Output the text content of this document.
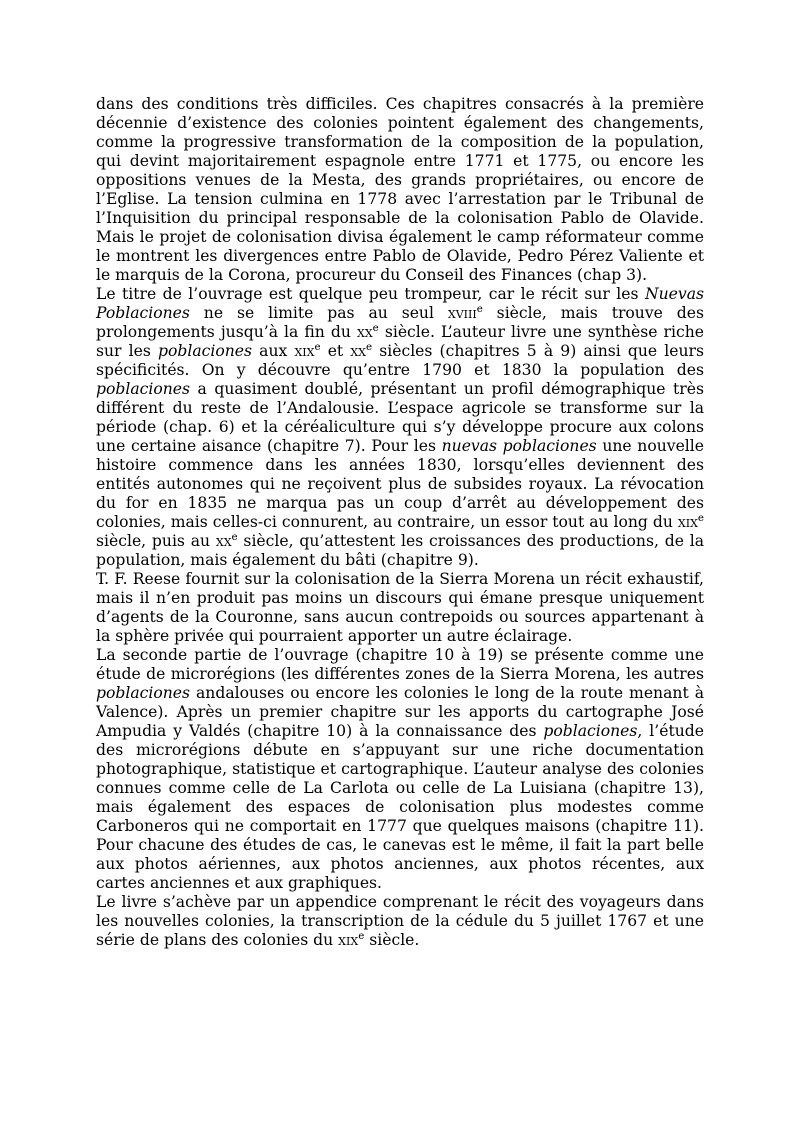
dans des conditions très difficiles. Ces chapitres consacrés à la première décennie d’existence des colonies pointent également des changements, comme la progressive transformation de la composition de la population, qui devint majoritairement espagnole entre 1771 et 1775, ou encore les oppositions venues de la Mesta, des grands propriétaires, ou encore de l’Eglise. La tension culmina en 1778 avec l’arrestation par le Tribunal de l’Inquisition du principal responsable de la colonisation Pablo de Olavide. Mais le projet de colonisation divisa également le camp réformateur comme le montrent les divergences entre Pablo de Olavide, Pedro Pérez Valiente et le marquis de la Corona, procureur du Conseil des Finances (chap 3).

Le titre de l’ouvrage est quelque peu trompeur, car le récit sur les Nuevas Poblaciones ne se limite pas au seul xviii$^e$ siècle, mais trouve des prolongements jusqu’à la fin du $xx^e$ siècle. L’auteur livre une synthèse riche sur les poblaciones aux xix$^e$ et $xx^e$ siècles (chapitres 5 à 9) ainsi que leurs spécificités. On y découvre qu’entre 1790 et 1830 la population des poblaciones a quasiment doublé, présentant un profil démographique très différent du reste de l’Andalousie. L’espace agricole se transforme sur la période (chap. 6) et la céréaliculture qui s’y développe procure aux colons une certaine aisance (chapitre 7). Pour les nuevas poblaciones une nouvelle histoire commence dans les années 1830, lorsqu’elles deviennent des entités autonomes qui ne reçoivent plus de subsides royaux. La révocation du for en 1835 ne marqua pas un coup d’arrêt au développement des colonies, mais celles-ci connurent, au contraire, un essor tout au long du xix$^e$ siècle, puis au $xx^e$ siècle, qu’attestent les croissances des productions, de la population, mais également du bâti (chapitre 9).

T. F. Reese fournit sur la colonisation de la Sierra Morena un récit exhaustif, mais il n’en produit pas moins un discours qui émane presque uniquement d’agents de la Couronne, sans aucun contrepoids ou sources appartenant à la sphère privée qui pourraient apporter un autre éclairage.

La seconde partie de l’ouvrage (chapitre 10 à 19) se présente comme une étude de microrégions (les différentes zones de la Sierra Morena, les autres poblaciones andalouses ou encore les colonies le long de la route menant à Valence). Après un premier chapitre sur les apports du cartographe José Ampudia y Valdés (chapitre 10) à la connaissance des poblaciones, l’étude des microrégions débute en s’appuyant sur une riche documentation photographique, statistique et cartographique. L’auteur analyse des colonies connues comme celle de La Carlota ou celle de La Luisiana (chapitre 13), mais également des espaces de colonisation plus modestes comme Carboneros qui ne comportait en 1777 que quelques maisons (chapitre 11). Pour chacune des études de cas, le canevas est le même, il fait la part belle aux photos aériennes, aux photos anciennes, aux photos récentes, aux cartes anciennes et aux graphiques.

Le livre s’achève par un appendice comprenant le récit des voyageurs dans les nouvelles colonies, la transcription de la cédule du 5 juillet 1767 et une série de plans des colonies du xix$^e$ siècle.
